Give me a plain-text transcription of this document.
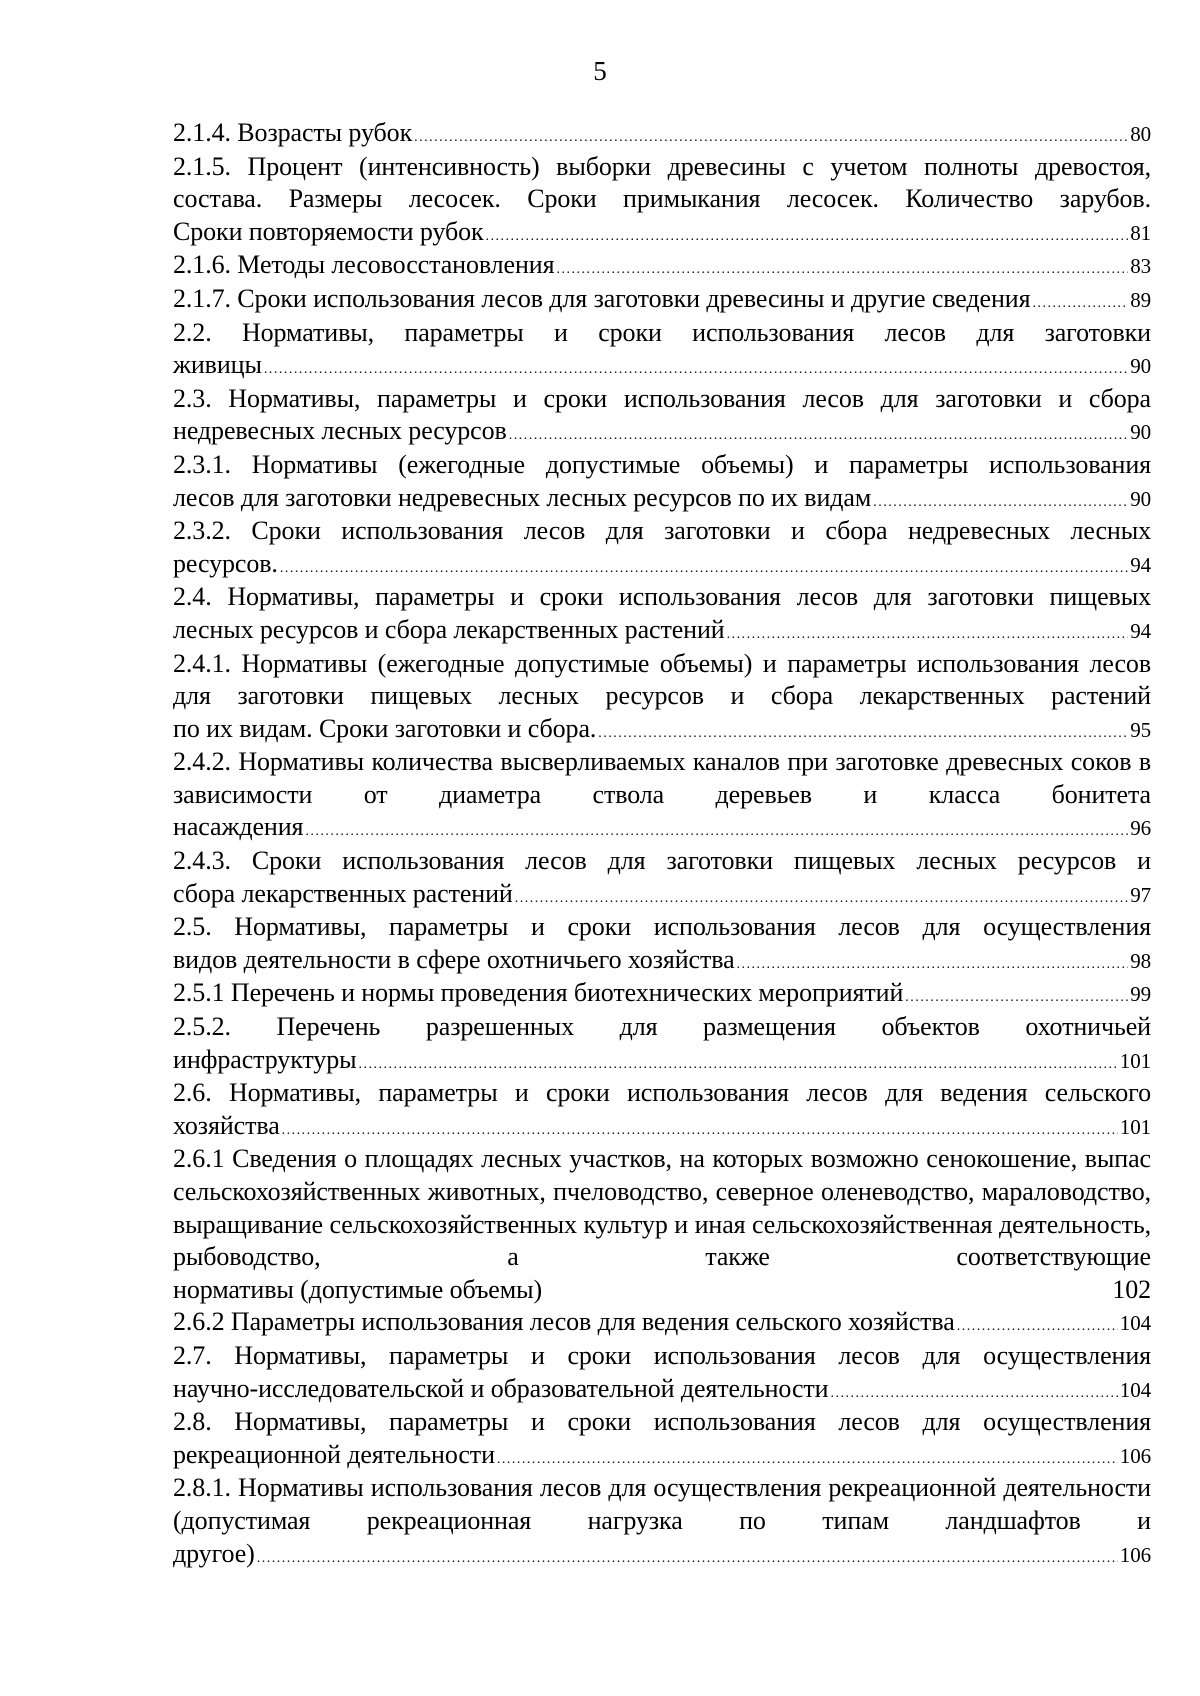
5
2.1.4. Возрасты рубок . . .	80
2.1.5. Процент (интенсивность) выборки древесины с учетом полноты древостоя, состава. Размеры лесосек. Сроки примыкания лесосек. Количество зарубов.
Сроки повторяемости рубок . . .	81
2.1.6. Методы лесовосстановления . . .	83
2.1.7. Сроки использования лесов для заготовки древесины и другие сведения . . .	89
2.2. Нормативы, параметры и сроки использования лесов для заготовки
живицы . . .	90
2.3. Нормативы, параметры и сроки использования лесов для заготовки и сбора
недревесных лесных ресурсов . . .	90
2.3.1. Нормативы (ежегодные допустимые объемы) и параметры использования
лесов для заготовки недревесных лесных ресурсов по их видам . . .	90
2.3.2. Сроки использования лесов для заготовки и сбора недревесных лесных
ресурсов. . . .	94
2.4. Нормативы, параметры и сроки использования лесов для заготовки пищевых
лесных ресурсов и сбора лекарственных растений . . .	94
2.4.1. Нормативы (ежегодные допустимые объемы) и параметры использования лесов для заготовки пищевых лесных ресурсов и сбора лекарственных растений
по их видам. Сроки заготовки и сбора. . . .	95
2.4.2. Нормативы количества высверливаемых каналов при заготовке древесных соков в зависимости от диаметра ствола деревьев и класса бонитета
насаждения . . .	96
2.4.3. Сроки использования лесов для заготовки пищевых лесных ресурсов и
сбора лекарственных растений . . .	97
2.5. Нормативы, параметры и сроки использования лесов для осуществления
видов деятельности в сфере охотничьего хозяйства . . .	98
2.5.1 Перечень и нормы проведения биотехнических мероприятий . . .	99
2.5.2. Перечень разрешенных для размещения объектов охотничьей
инфраструктуры . . .	101
2.6. Нормативы, параметры и сроки использования лесов для ведения сельского
хозяйства . . .	101
2.6.1 Сведения о площадях лесных участков, на которых возможно сенокошение, выпас сельскохозяйственных животных, пчеловодство, северное оленеводство, мараловодство, выращивание сельскохозяйственных культур и иная сельскохозяйственная деятельность, рыбоводство, а также соответствующие
нормативы (допустимые объемы)	102
2.6.2 Параметры использования лесов для ведения сельского хозяйства . . .	104
2.7. Нормативы, параметры и сроки использования лесов для осуществления
научно-исследовательской и образовательной деятельности . . .	104
2.8. Нормативы, параметры и сроки использования лесов для осуществления
рекреационной деятельности . . .	106
2.8.1. Нормативы использования лесов для осуществления рекреационной деятельности (допустимая рекреационная нагрузка по типам ландшафтов и
другое) . . .	106
